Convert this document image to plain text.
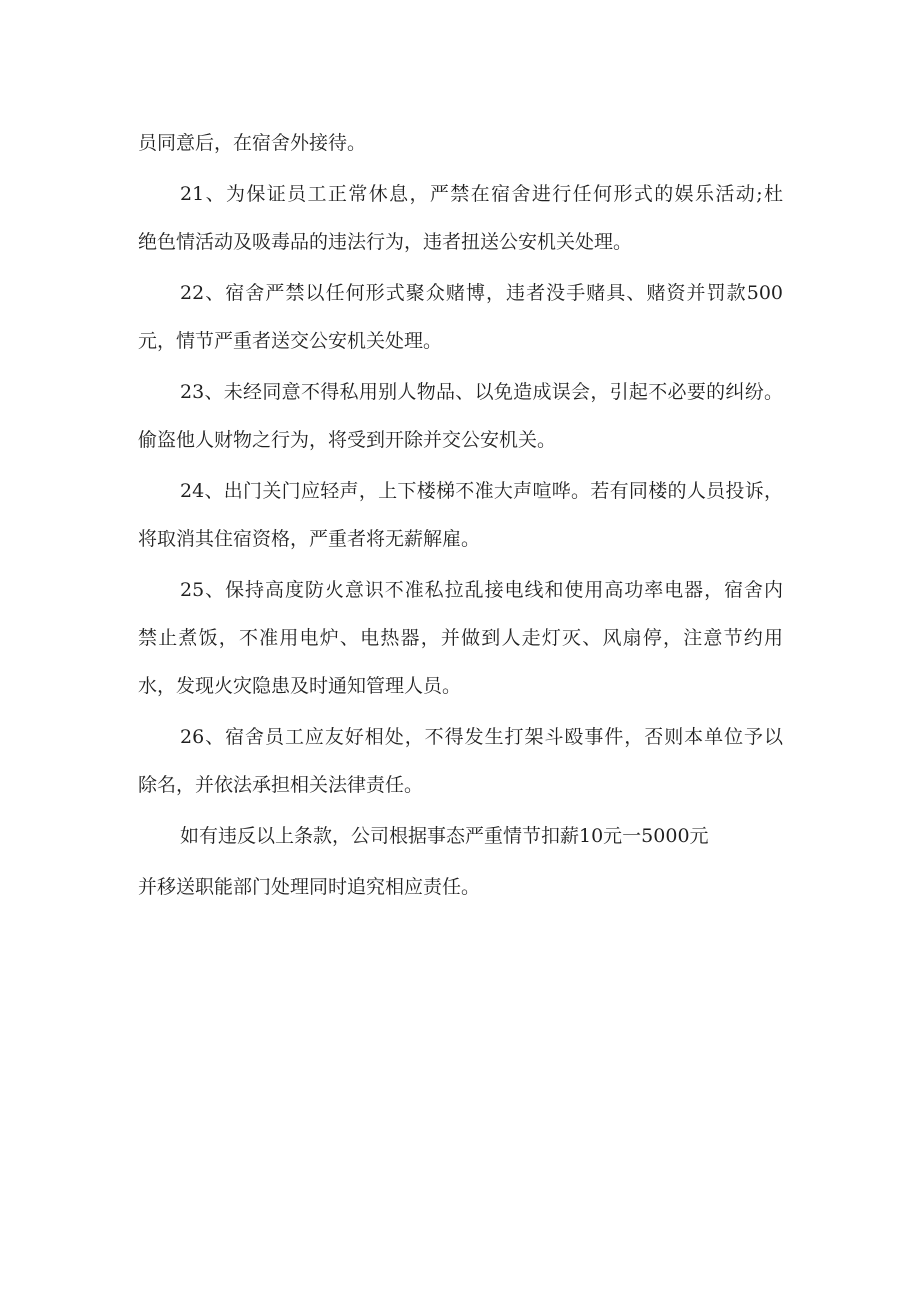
员同意后，在宿舍外接待。
21、为保证员工正常休息，严禁在宿舍进行任何形式的娱乐活动;杜
绝色情活动及吸毒品的违法行为，违者扭送公安机关处理。
22、宿舍严禁以任何形式聚众赌博，违者没手赌具、赌资并罚款500
元，情节严重者送交公安机关处理。
23、未经同意不得私用别人物品、以免造成误会，引起不必要的纠纷。
偷盗他人财物之行为，将受到开除并交公安机关。
24、出门关门应轻声，上下楼梯不准大声喧哗。若有同楼的人员投诉，
将取消其住宿资格，严重者将无薪解雇。
25、保持高度防火意识不准私拉乱接电线和使用高功率电器，宿舍内
禁止煮饭，不准用电炉、电热器，并做到人走灯灭、风扇停，注意节约用
水，发现火灾隐患及时通知管理人员。
26、宿舍员工应友好相处，不得发生打架斗殴事件，否则本单位予以
除名，并依法承担相关法律责任。
如有违反以上条款，公司根据事态严重情节扣薪10元一5000元
并移送职能部门处理同时追究相应责任。
